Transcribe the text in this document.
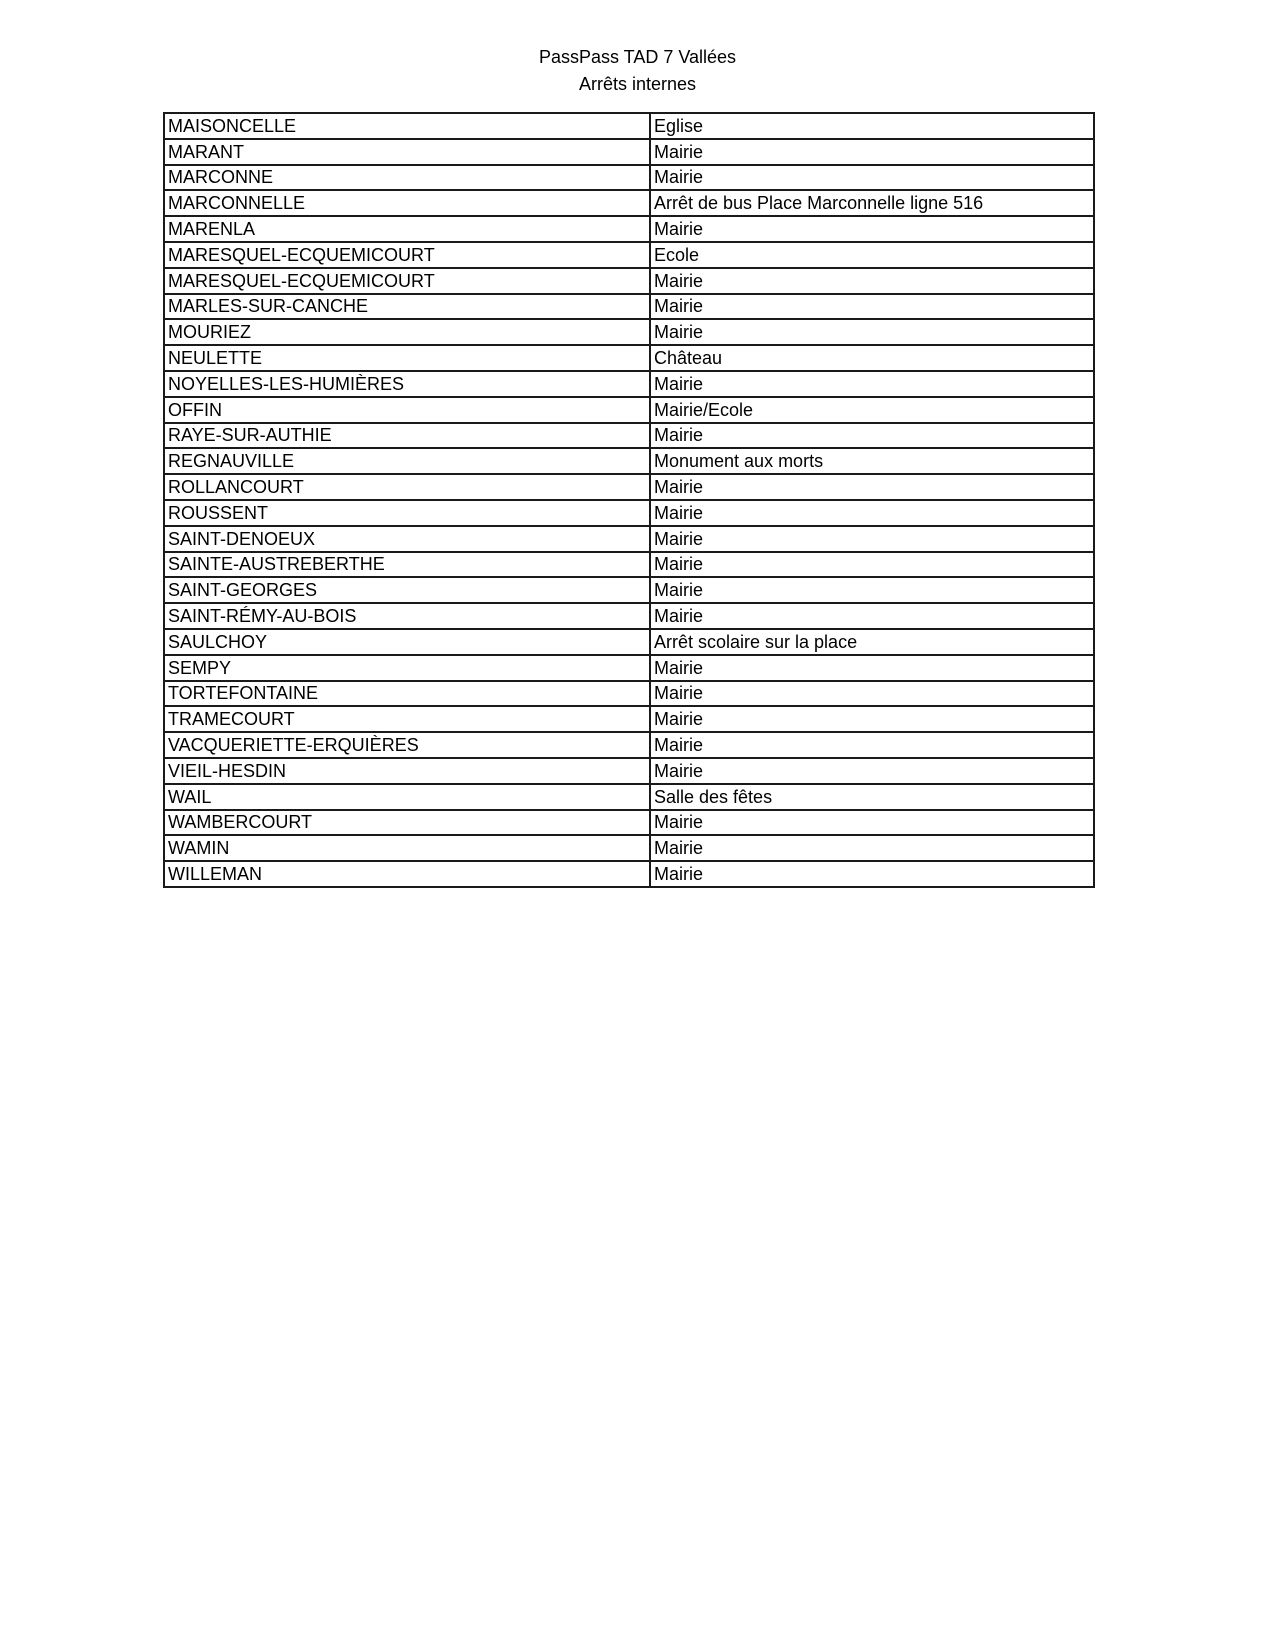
PassPass TAD 7 Vallées
Arrêts internes
MAISONCELLE	Eglise
MARANT	Mairie
MARCONNE	Mairie
MARCONNELLE	Arrêt de bus Place Marconnelle ligne 516
MARENLA	Mairie
MARESQUEL-ECQUEMICOURT	Ecole
MARESQUEL-ECQUEMICOURT	Mairie
MARLES-SUR-CANCHE	Mairie
MOURIEZ	Mairie
NEULETTE	Château
NOYELLES-LES-HUMIÈRES	Mairie
OFFIN	Mairie/Ecole
RAYE-SUR-AUTHIE	Mairie
REGNAUVILLE	Monument aux morts
ROLLANCOURT	Mairie
ROUSSENT	Mairie
SAINT-DENOEUX	Mairie
SAINTE-AUSTREBERTHE	Mairie
SAINT-GEORGES	Mairie
SAINT-RÉMY-AU-BOIS	Mairie
SAULCHOY	Arrêt scolaire sur la place
SEMPY	Mairie
TORTEFONTAINE	Mairie
TRAMECOURT	Mairie
VACQUERIETTE-ERQUIÈRES	Mairie
VIEIL-HESDIN	Mairie
WAIL	Salle des fêtes
WAMBERCOURT	Mairie
WAMIN	Mairie
WILLEMAN	Mairie
